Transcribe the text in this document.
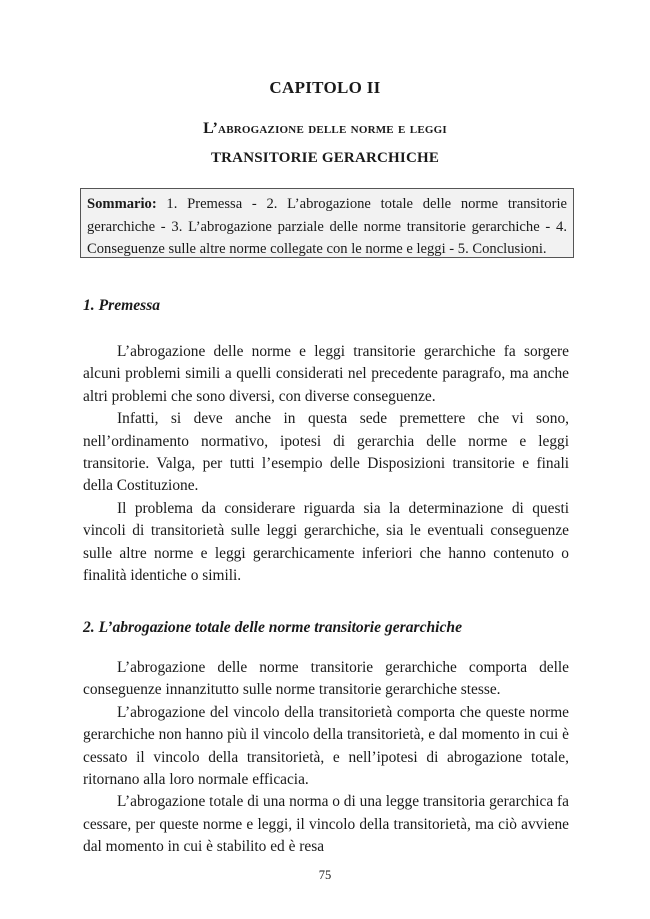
CAPITOLO II
L’abrogazione delle norme e leggi
TRANSITORIE GERARCHICHE
Sommario: 1. Premessa - 2. L’abrogazione totale delle norme transitorie gerarchiche - 3. L’abrogazione parziale delle norme transitorie gerarchiche - 4. Conseguenze sulle altre norme collegate con le norme e leggi - 5. Conclusioni.
1. Premessa

L’abrogazione delle norme e leggi transitorie gerarchiche fa sorgere alcuni problemi simili a quelli considerati nel precedente paragrafo, ma anche altri problemi che sono diversi, con diverse conseguenze.

Infatti, si deve anche in questa sede premettere che vi sono, nell’ordinamento normativo, ipotesi di gerarchia delle norme e leggi transitorie. Valga, per tutti l’esempio delle Disposizioni transitorie e finali della Costituzione.

Il problema da considerare riguarda sia la determinazione di questi vincoli di transitorietà sulle leggi gerarchiche, sia le eventuali conseguenze sulle altre norme e leggi gerarchicamente inferiori che hanno contenuto o finalità identiche o simili.

2. L’abrogazione totale delle norme transitorie gerarchiche

L’abrogazione delle norme transitorie gerarchiche comporta delle conseguenze innanzitutto sulle norme transitorie gerarchiche stesse.

L’abrogazione del vincolo della transitorietà comporta che queste norme gerarchiche non hanno più il vincolo della transitorietà, e dal momento in cui è cessato il vincolo della transitorietà, e nell’ipotesi di abrogazione totale, ritornano alla loro normale efficacia.

L’abrogazione totale di una norma o di una legge transitoria gerarchica fa cessare, per queste norme e leggi, il vincolo della transitorietà, ma ciò avviene dal momento in cui è stabilito ed è resa

75
